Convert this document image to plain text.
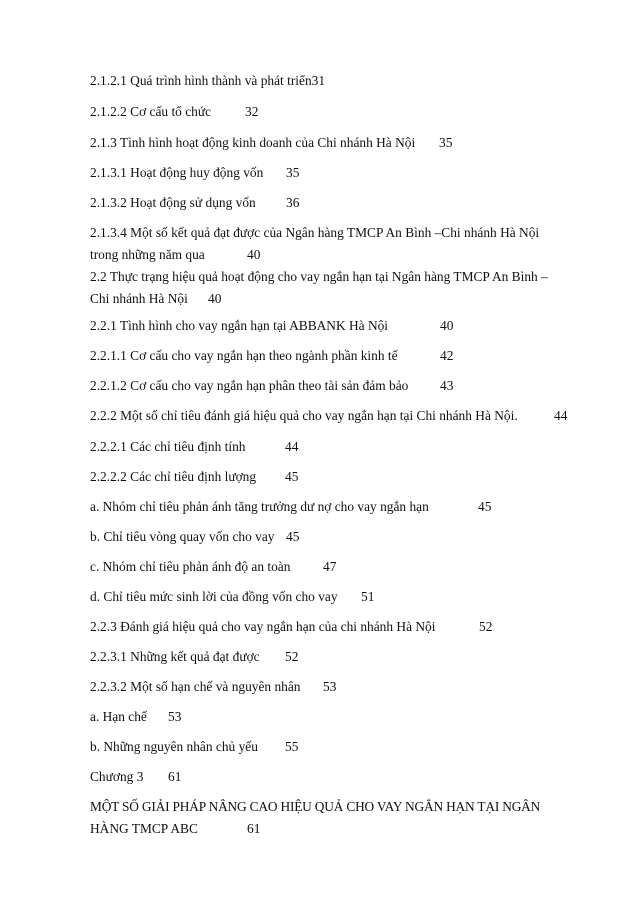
2.1.2.1 Quá trình hình thành và phát triển31
2.1.2.2 Cơ cấu tổ chức	32
2.1.3 Tình hình hoạt động kinh doanh của Chi nhánh Hà Nội 35
2.1.3.1 Hoạt động huy động vốn 35
2.1.3.2 Hoạt động sử dụng vốn 36
2.1.3.4 Một số kết quả đạt được của Ngân hàng TMCP An Bình –Chi nhánh Hà Nội
trong những năm qua	40
2.2 Thực trạng hiệu quả hoạt động cho vay ngắn hạn tại Ngân hàng TMCP An Bình –
Chi nhánh Hà Nội 40
2.2.1 Tình hình cho vay ngắn hạn tại ABBANK Hà Nội	40
2.2.1.1 Cơ cấu cho vay ngắn hạn theo ngành phần kinh tế	42
2.2.1.2 Cơ cấu cho vay ngắn hạn phân theo tài sản đảm bảo 43
2.2.2 Một số chỉ tiêu đánh giá hiệu quả cho vay ngắn hạn tại Chi nhánh Hà Nội.	44
2.2.2.1 Các chỉ tiêu định tính	44
2.2.2.2 Các chỉ tiêu định lượng 45
a. Nhóm chỉ tiêu phản ánh tăng trưởng dư nợ cho vay ngắn hạn	45
b. Chỉ tiêu vòng quay vốn cho vay 45
c. Nhóm chỉ tiêu phản ánh độ an toàn 47
d. Chỉ tiêu mức sinh lời của đồng vốn cho vay 51
2.2.3 Đánh giá hiệu quả cho vay ngắn hạn của chi nhánh Hà Nội	52
2.2.3.1 Những kết quả đạt được 52
2.2.3.2 Một số hạn chế và nguyên nhân 53
a. Hạn chế 53
b. Những nguyên nhân chủ yếu 55
Chương 3 61
MỘT SỐ GIẢI PHÁP NÂNG CAO HIỆU QUẢ CHO VAY NGẮN HẠN TẠI NGÂN
HÀNG TMCP ABC	61
